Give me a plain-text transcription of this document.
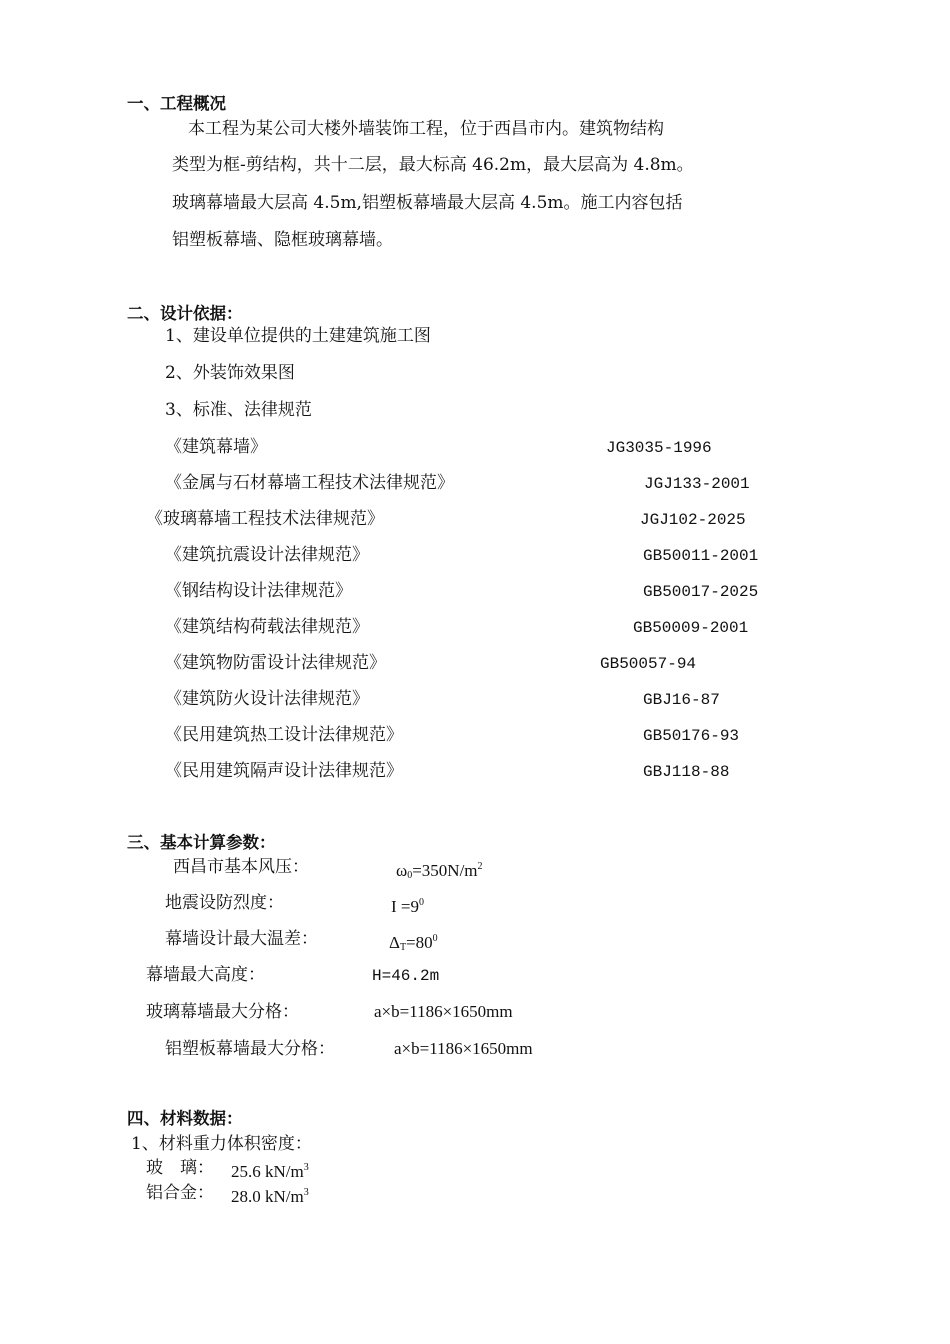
一、工程概况
本工程为某公司大楼外墙装饰工程，位于西昌市内。建筑物结构
类型为框-剪结构，共十二层，最大标高 46.2m，最大层高为 4.8m。
玻璃幕墙最大层高 4.5m,铝塑板幕墙最大层高 4.5m。施工内容包括
铝塑板幕墙、隐框玻璃幕墙。
二、设计依据：
1、建设单位提供的土建建筑施工图
2、外装饰效果图
3、标准、法律规范
《建筑幕墙》	JG3035-1996
《金属与石材幕墙工程技术法律规范》	JGJ133-2001
《玻璃幕墙工程技术法律规范》	JGJ102-2025
《建筑抗震设计法律规范》	GB50011-2001
《钢结构设计法律规范》	GB50017-2025
《建筑结构荷载法律规范》	GB50009-2001
《建筑物防雷设计法律规范》	GB50057-94
《建筑防火设计法律规范》	GBJ16-87
《民用建筑热工设计法律规范》	GB50176-93
《民用建筑隔声设计法律规范》	GBJ118-88
三、基本计算参数：
西昌市基本风压：	$\omega_0=350N/m^2$
地震设防烈度：	$I =9^0$
幕墙设计最大温差：	$\Delta_T=80^0$
幕墙最大高度：	H=46.2m
玻璃幕墙最大分格：	a×b=1186×1650mm
铝塑板幕墙最大分格：	a×b=1186×1650mm
四、材料数据：
1、材料重力体积密度：
玻　璃： 25.6 $kN/m^3$
铝合金： 28.0 $kN/m^3$
